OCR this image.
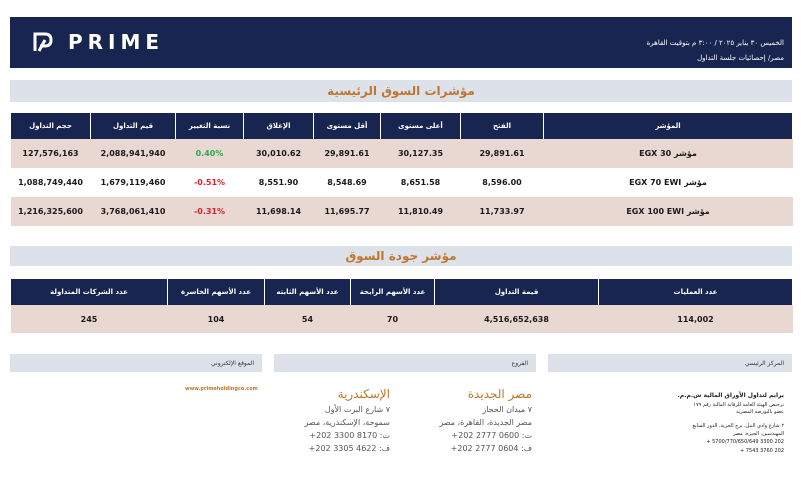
PRIME	الخميس ٣٠ يناير ٢٠٢٥ / ٣:٠٠ م بتوقيت القاهرة
مصر/ إحصائيات جلسة التداول
مؤشرات السوق الرئيسية
حجم التداول	قيم التداول	نسبة التغيير	الإغلاق	أقل مستوى	أعلى مستوى	الفتح	المؤشر
127,576,163	2,088,941,940	0.40%	30,010.62	29,891.61	30,127.35	29,891.61	مؤشر EGX 30
1,088,749,440	1,679,119,460	-0.51%	8,551.90	8,548.69	8,651.58	8,596.00	مؤشر EGX 70 EWI
1,216,325,600	3,768,061,410	-0.31%	11,698.14	11,695.77	11,810.49	11,733.97	مؤشر EGX 100 EWI
مؤشر جودة السوق
عدد الشركات المتداولة	عدد الأسهم الخاسرة	عدد الأسهم الثابته	عدد الأسهم الرابحة	قيمة التداول	عدد العمليات
245	104	54	70	4,516,652,638	114,002
الموقع الإلكتروني	الفروع	المركز الرئيسي
www.primeholdingco.com	الإسكندرية
٧ شارع البرت الأول
سموحة، الإسكندرية، مصر
ت: 8170 3300 202+
ف: 4622 3305 202+
مصر الجديدة
٧ ميدان الحجاز
مصر الجديدة، القاهرة، مصر
ت: 0600 2777 202+
ف: 0604 2777 202+
برايم لتداول الأوراق المالية ش.م.م.
ترخيص الهيئة العامة للرقابة المالية رقم ١٧٩
عضو بالبورصة المصرية
٢ شارع وادي النيل، برج الحرية، الدور السابع
المهندسين، الجيزة، مصر
202 3300 5700/770/650/649 +
202 3760 7543 +
